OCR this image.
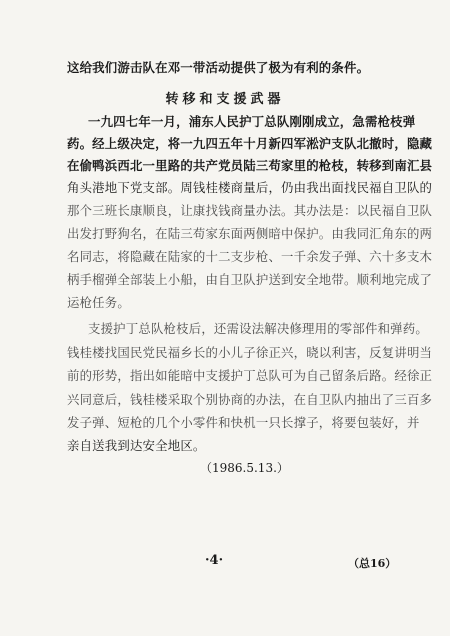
这给我们游击队在邓一带活动提供了极为有利的条件。
转移和支援武器
一九四七年一月，浦东人民护丁总队刚刚成立，急需枪枝弹
药。经上级决定，将一九四五年十月新四军淞沪支队北撤时，隐藏
在偷鸭浜西北一里路的共产党员陆三苟家里的枪枝，转移到南汇县
角头港地下党支部。周钱桂楼商量后，仍由我出面找民福自卫队的
那个三班长康顺良，让康找钱商量办法。其办法是：以民福自卫队
出发打野狗名，在陆三苟家东面两侧暗中保护。由我同汇角东的两
名同志，将隐藏在陆家的十二支步枪、一千余发子弹、六十多支木
柄手榴弹全部装上小船，由自卫队护送到安全地带。顺利地完成了
运枪任务。
支援护丁总队枪枝后，还需设法解决修理用的零部件和弹药。
钱桂楼找国民党民福乡长的小儿子徐正兴，晓以利害，反复讲明当
前的形势，指出如能暗中支援护丁总队可为自己留条后路。经徐正
兴同意后，钱桂楼采取个别协商的办法，在自卫队内抽出了三百多
发子弹、短枪的几个小零件和快机一只长撑子，将要包装好，并
亲自送我到达安全地区。
（1986.5.13.）
·4·	（总16）
